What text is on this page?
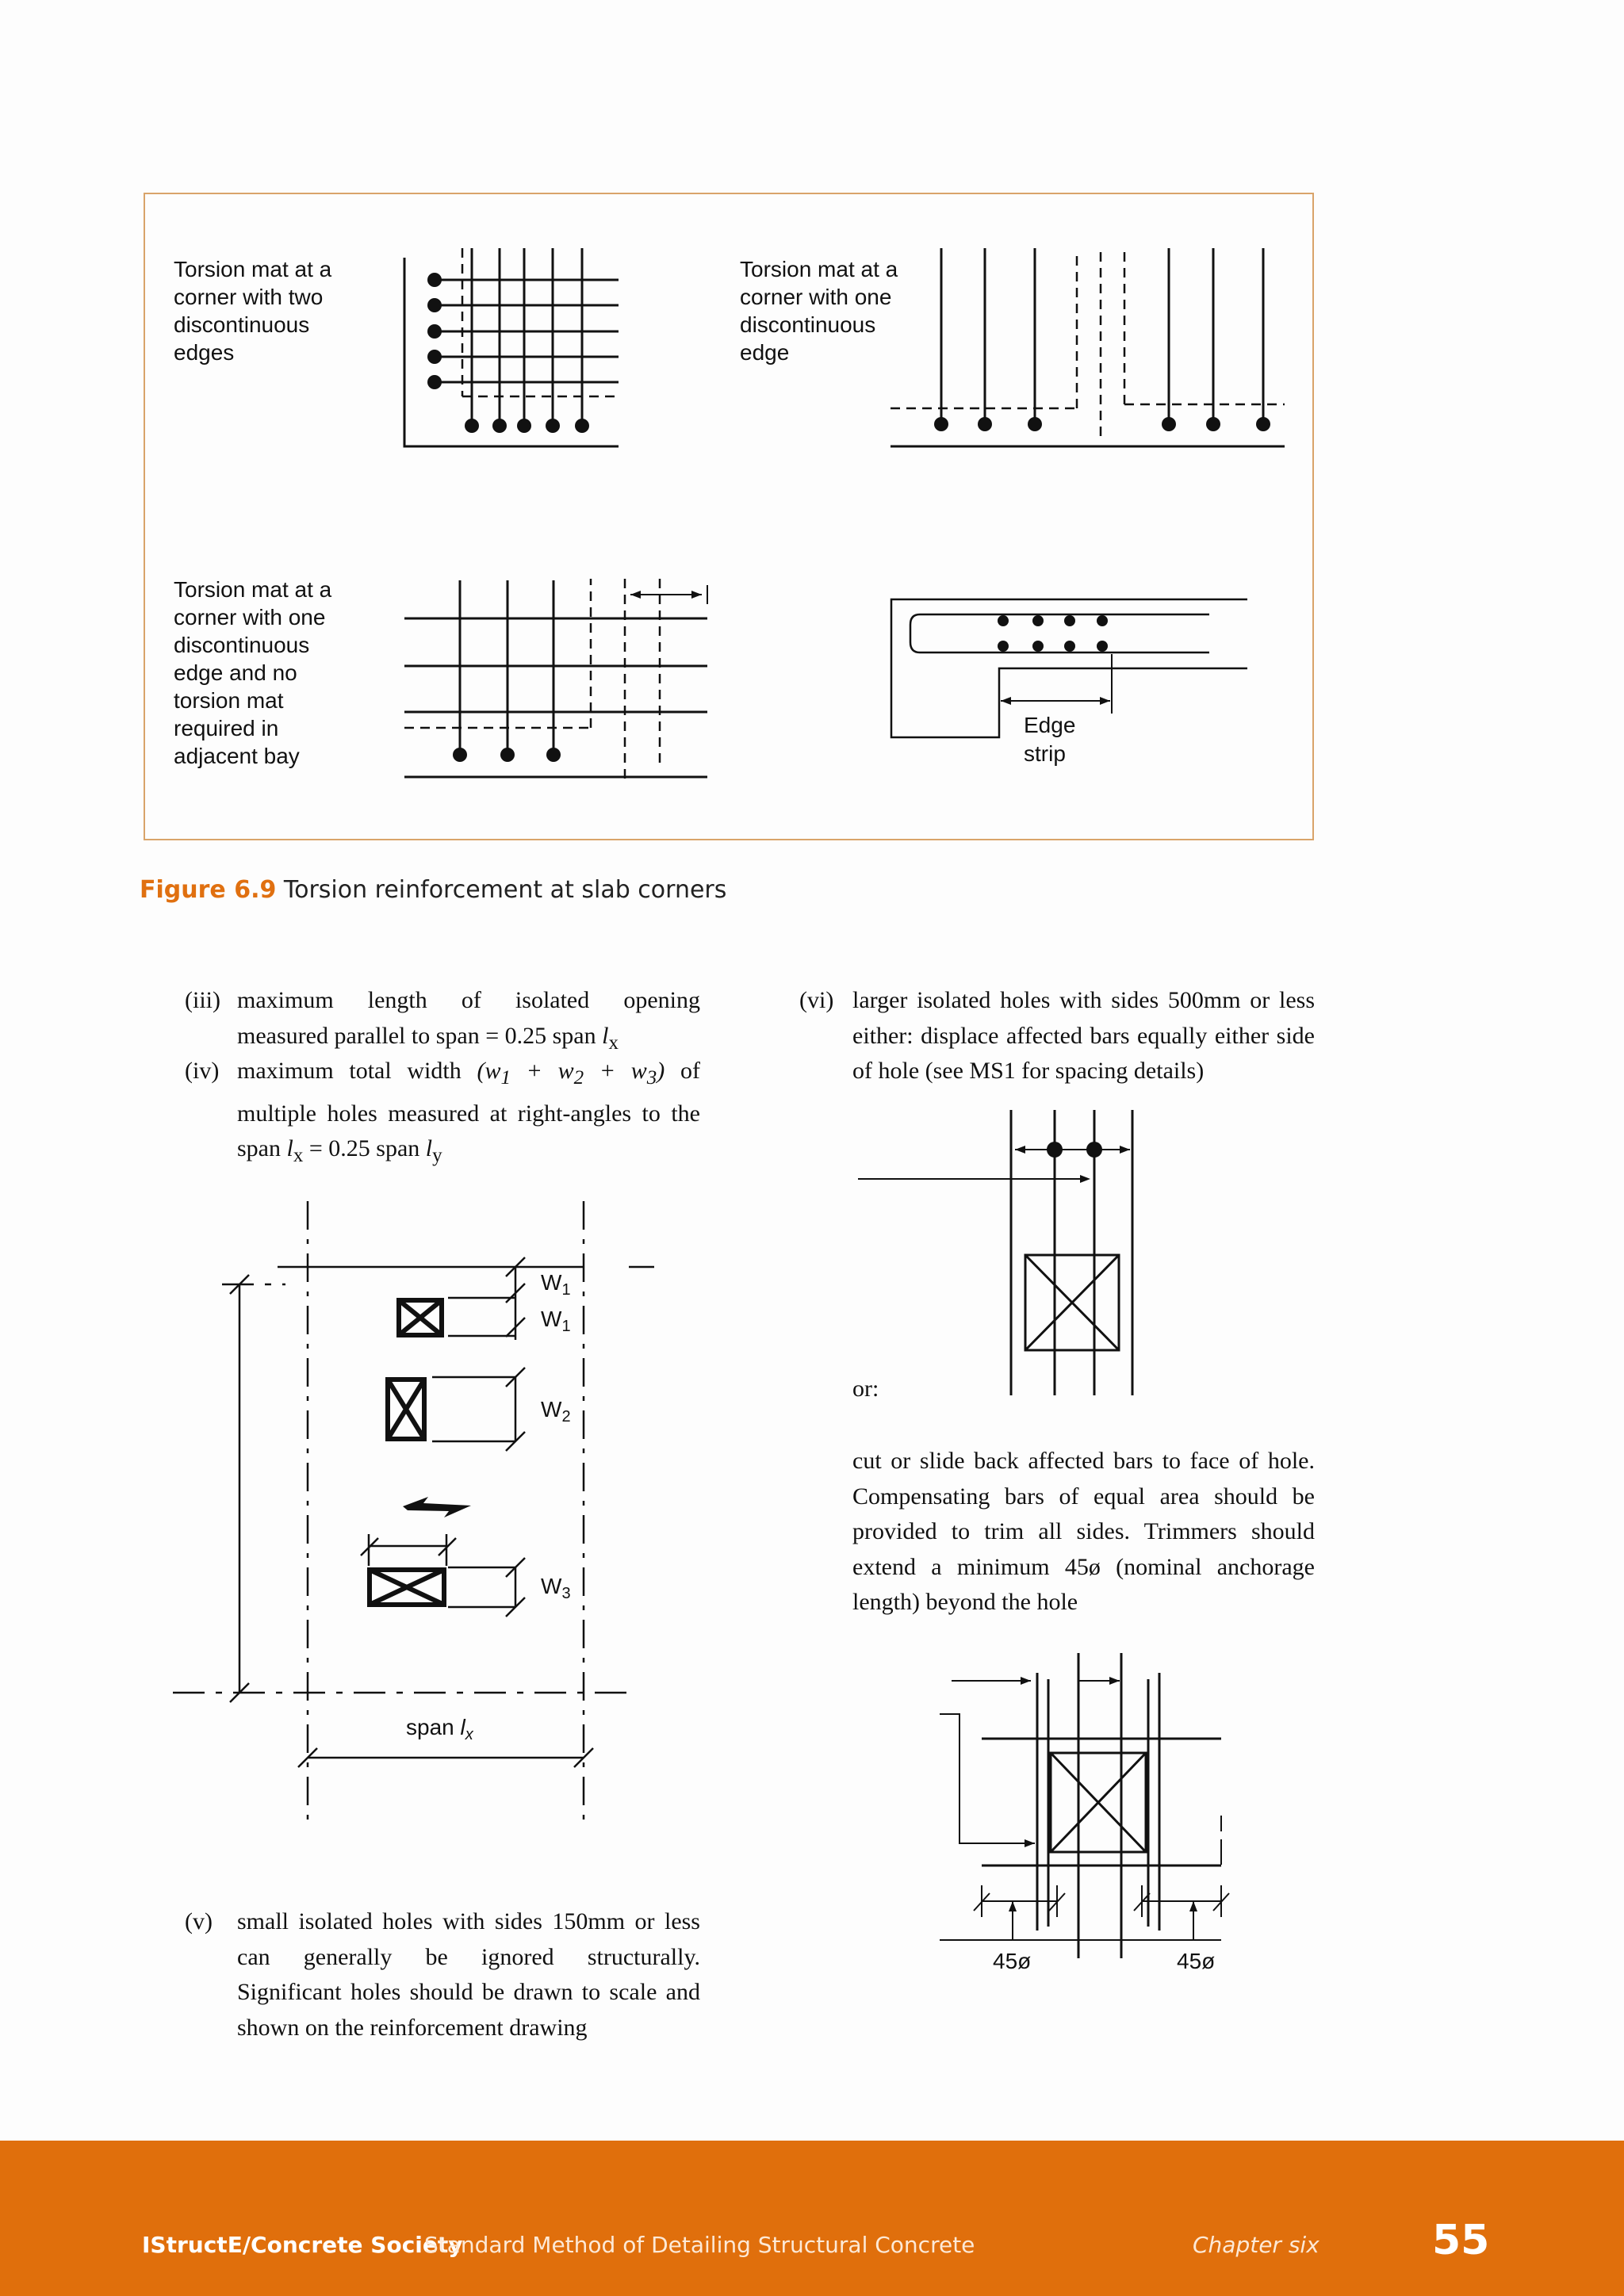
Torsion mat at a
corner with two
discontinuous
edges
Torsion mat at a
corner with one
discontinuous
edge
Torsion mat at a
corner with one
discontinuous
edge and no
torsion mat
required in
adjacent bay
Edge
strip
Figure 6.9 Torsion reinforcement at slab corners
(iii) maximum length of isolated opening
measured parallel to span = 0.25 span $l_x$
(iv) maximum total width $(w_1 + w_2 + w_3)$ of multiple holes measured at right-angles to the span $l_x = 0.25$ span $l_y$
$W_1$
$W_1$
$W_2$
$W_3$
span $l_x$
(v) small isolated holes with sides 150mm or less can generally be ignored structurally. Significant holes should be drawn to scale and shown on the reinforcement drawing
(vi) larger isolated holes with sides 500mm or less either: displace affected bars equally either side of hole (see MS1 for spacing details)
or:
cut or slide back affected bars to face of hole. Compensating bars of equal area should be provided to trim all sides. Trimmers should extend a minimum 45ø (nominal anchorage length) beyond the hole
45ø	45ø
IStructE/Concrete Society
Standard Method of Detailing Structural Concrete	Chapter six	55
